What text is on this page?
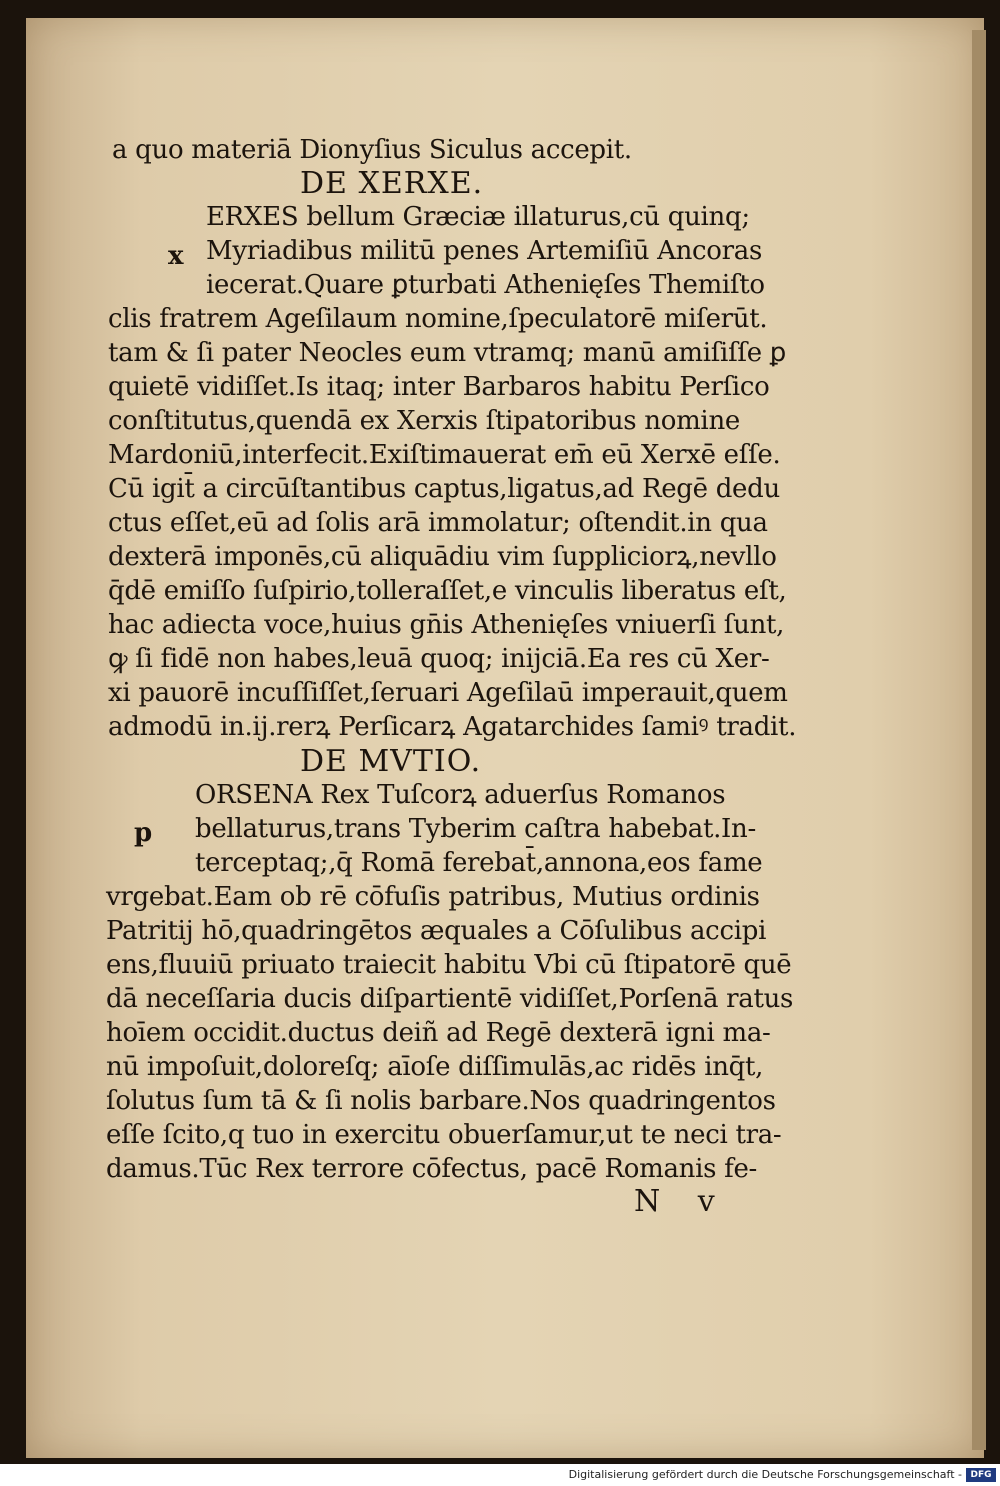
a quo materiā Dionyſius Siculus accepit.
DE XERXE.
ERXES bellum Græciæ illaturus,cū quinq;
x Myriadibus militū penes Artemiſiū Ancoras
iecerat.Quare ꝑturbati Athenięſes Themiſto
clis fratrem Ageſilaum nomine,ſpeculatorē miſerūt.
tam & ſi pater Neocles eum vtramq; manū amiſiſſe ꝑ
quietē vidiſſet.Is itaq; inter Barbaros habitu Perſico
conſtitutus,quendā ex Xerxis ſtipatoribus nomine
Mardoniū,interfecit.Exiſtimauerat em̄ eū Xerxē eſſe.
Cū igit̄ a circūſtantibus captus,ligatus,ad Regē dedu
ctus eſſet,eū ad ſolis arā immolatur; oſtendit.in qua
dexterā imponēs,cū aliquādiu vim ſuppliciorꝝ,nevllo
q̄dē emiſſo ſuſpirio,tolleraſſet,e vinculis liberatus eſt,
hac adiecta voce,huius gn̄is Athenięſes vniuerſi ſunt,
ꝙ ſi fidē non habes,leuā quoq; inijciā.Ea res cū Xer-
xi pauorē incuſſiſſet,ſeruari Ageſilaū imperauit,quem
admodū in.ij.rerꝝ Perſicarꝝ Agatarchides ſamiꝰ tradit.
DE MVTIO.
ORSENA Rex Tuſcorꝝ aduerſus Romanos
p bellaturus,trans Tyberim caſtra habebat.In-
terceptaq;,q̄ Romā ferebat̄,annona,eos fame
vrgebat.Eam ob rē cōfuſis patribus, Mutius ordinis
Patritij hō,quadringētos æquales a Cōſulibus accipi
ens,fluuiū priuato traiecit habitu Vbi cū ſtipatorē quē
dā neceſſaria ducis diſpartientē vidiſſet,Porſenā ratus
hoīem occidit.ductus deiñ ad Regē dexterā igni ma-
nū impoſuit,doloreſq; aīoſe diſſimulās,ac ridēs inq̄t,
ſolutus ſum tā & ſi nolis barbare.Nos quadringentos
eſſe ſcito,q tuo in exercitu obuerſamur,ut te neci tra-
damus.Tūc Rex terrore cōfectus, pacē Romanis fe-
N v
Digitalisierung gefördert durch die Deutsche Forschungsgemeinschaft - DFG
